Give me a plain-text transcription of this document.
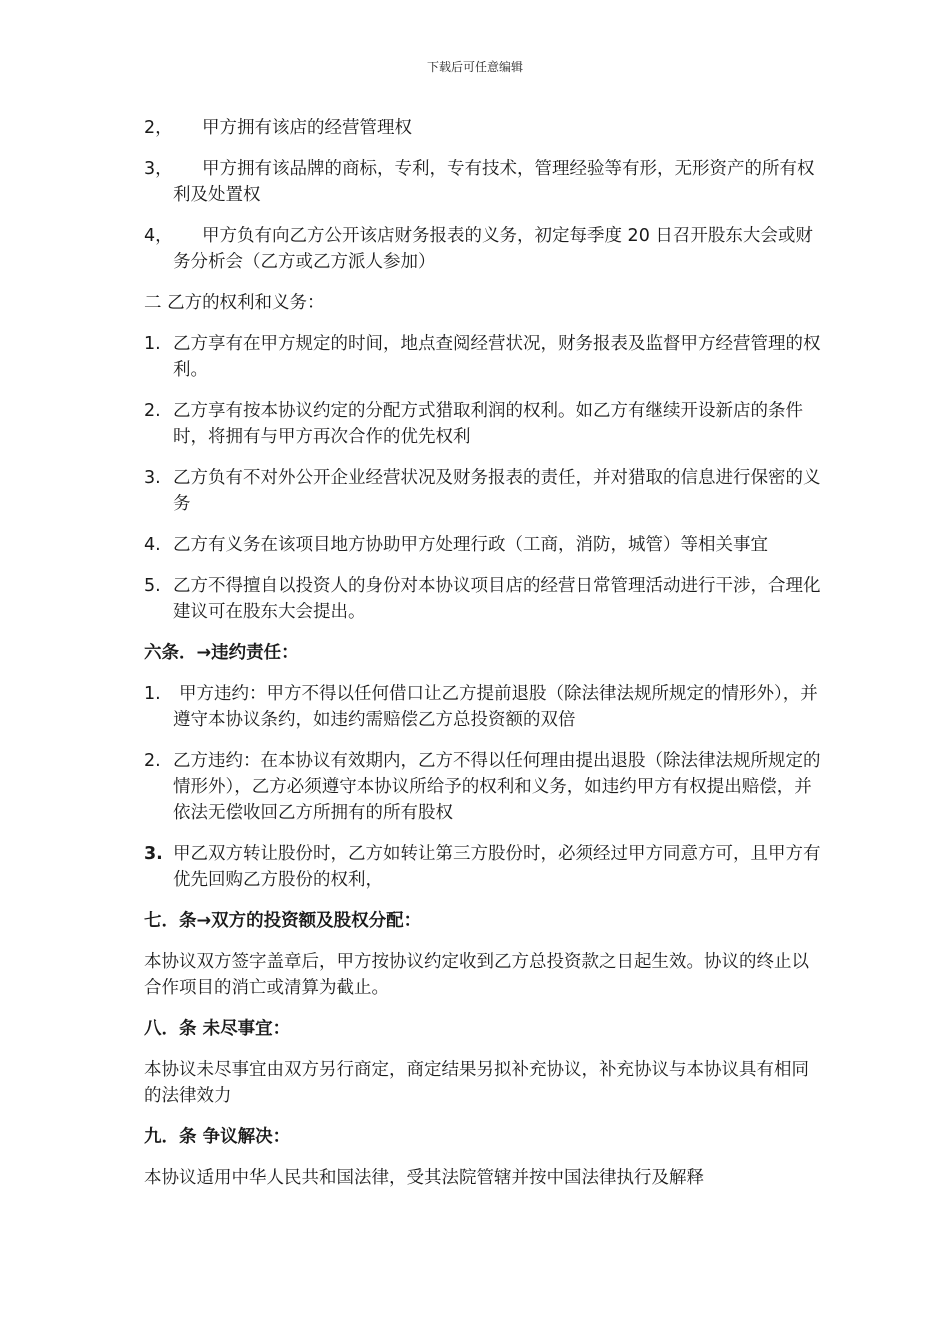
下载后可任意编辑
2，	甲方拥有该店的经营管理权
3，	甲方拥有该品牌的商标，专利，专有技术，管理经验等有形，无形资产的所有权利及处置权
4，	甲方负有向乙方公开该店财务报表的义务，初定每季度 20 日召开股东大会或财务分析会（乙方或乙方派人参加）
二 乙方的权利和义务：
1. 乙方享有在甲方规定的时间，地点查阅经营状况，财务报表及监督甲方经营管理的权利。
2. 乙方享有按本协议约定的分配方式猎取利润的权利。如乙方有继续开设新店的条件时，将拥有与甲方再次合作的优先权利
3. 乙方负有不对外公开企业经营状况及财务报表的责任，并对猎取的信息进行保密的义务
4. 乙方有义务在该项目地方协助甲方处理行政（工商，消防，城管）等相关事宜
5. 乙方不得擅自以投资人的身份对本协议项目店的经营日常管理活动进行干涉，合理化建议可在股东大会提出。
六条．→违约责任：
1.	甲方违约：甲方不得以任何借口让乙方提前退股（除法律法规所规定的情形外），并遵守本协议条约，如违约需赔偿乙方总投资额的双倍
2. 乙方违约：在本协议有效期内，乙方不得以任何理由提出退股（除法律法规所规定的情形外），乙方必须遵守本协议所给予的权利和义务，如违约甲方有权提出赔偿，并依法无偿收回乙方所拥有的所有股权
3. 甲乙双方转让股份时，乙方如转让第三方股份时，必须经过甲方同意方可，且甲方有优先回购乙方股份的权利，
七．条→双方的投资额及股权分配：
本协议双方签字盖章后，甲方按协议约定收到乙方总投资款之日起生效。协议的终止以合作项目的消亡或清算为截止。
八．条 未尽事宜：
本协议未尽事宜由双方另行商定，商定结果另拟补充协议，补充协议与本协议具有相同的法律效力
九．条 争议解决：
本协议适用中华人民共和国法律，受其法院管辖并按中国法律执行及解释
